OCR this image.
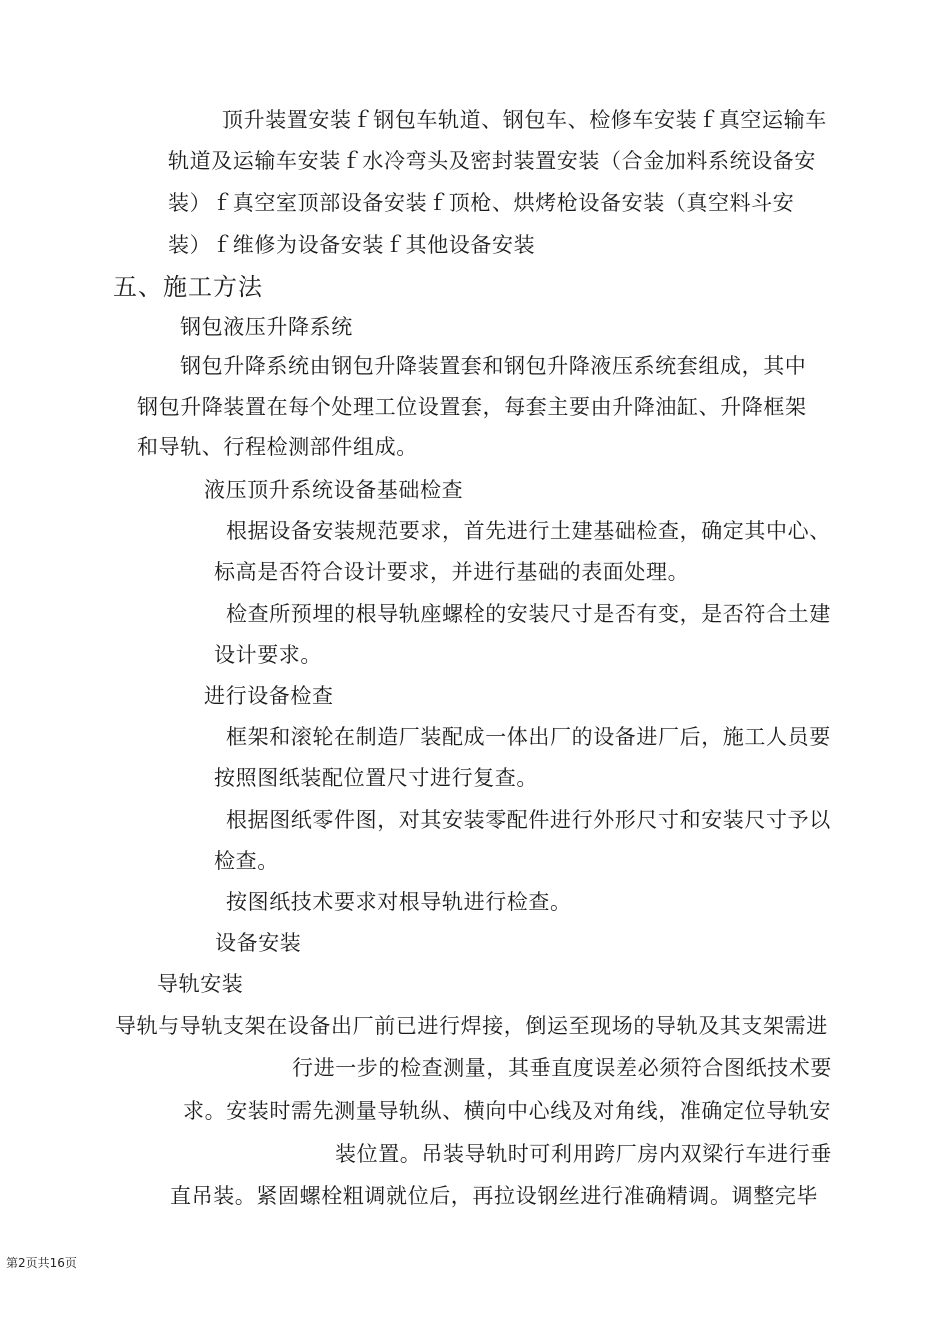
顶升装置安装ｆ钢包车轨道、钢包车、检修车安装ｆ真空运输车
轨道及运输车安装ｆ水冷弯头及密封装置安装（合金加料系统设备安
装）ｆ真空室顶部设备安装ｆ顶枪、烘烤枪设备安装（真空料斗安
装）ｆ维修为设备安装ｆ其他设备安装
五、施工方法
钢包液压升降系统
钢包升降系统由钢包升降装置套和钢包升降液压系统套组成，其中
钢包升降装置在每个处理工位设置套，每套主要由升降油缸、升降框架
和导轨、行程检测部件组成。
液压顶升系统设备基础检查
根据设备安装规范要求，首先进行土建基础检查，确定其中心、
标高是否符合设计要求，并进行基础的表面处理。
检查所预埋的根导轨座螺栓的安装尺寸是否有变，是否符合土建
设计要求。
进行设备检查
框架和滚轮在制造厂装配成一体出厂的设备进厂后，施工人员要
按照图纸装配位置尺寸进行复查。
根据图纸零件图，对其安装零配件进行外形尺寸和安装尺寸予以
检查。
按图纸技术要求对根导轨进行检查。
设备安装
导轨安装
导轨与导轨支架在设备出厂前已进行焊接，倒运至现场的导轨及其支架需进
行进一步的检查测量，其垂直度误差必须符合图纸技术要
求。安装时需先测量导轨纵、横向中心线及对角线，准确定位导轨安
装位置。吊装导轨时可利用跨厂房内双梁行车进行垂
直吊装。紧固螺栓粗调就位后，再拉设钢丝进行准确精调。调整完毕
第2页共16页
